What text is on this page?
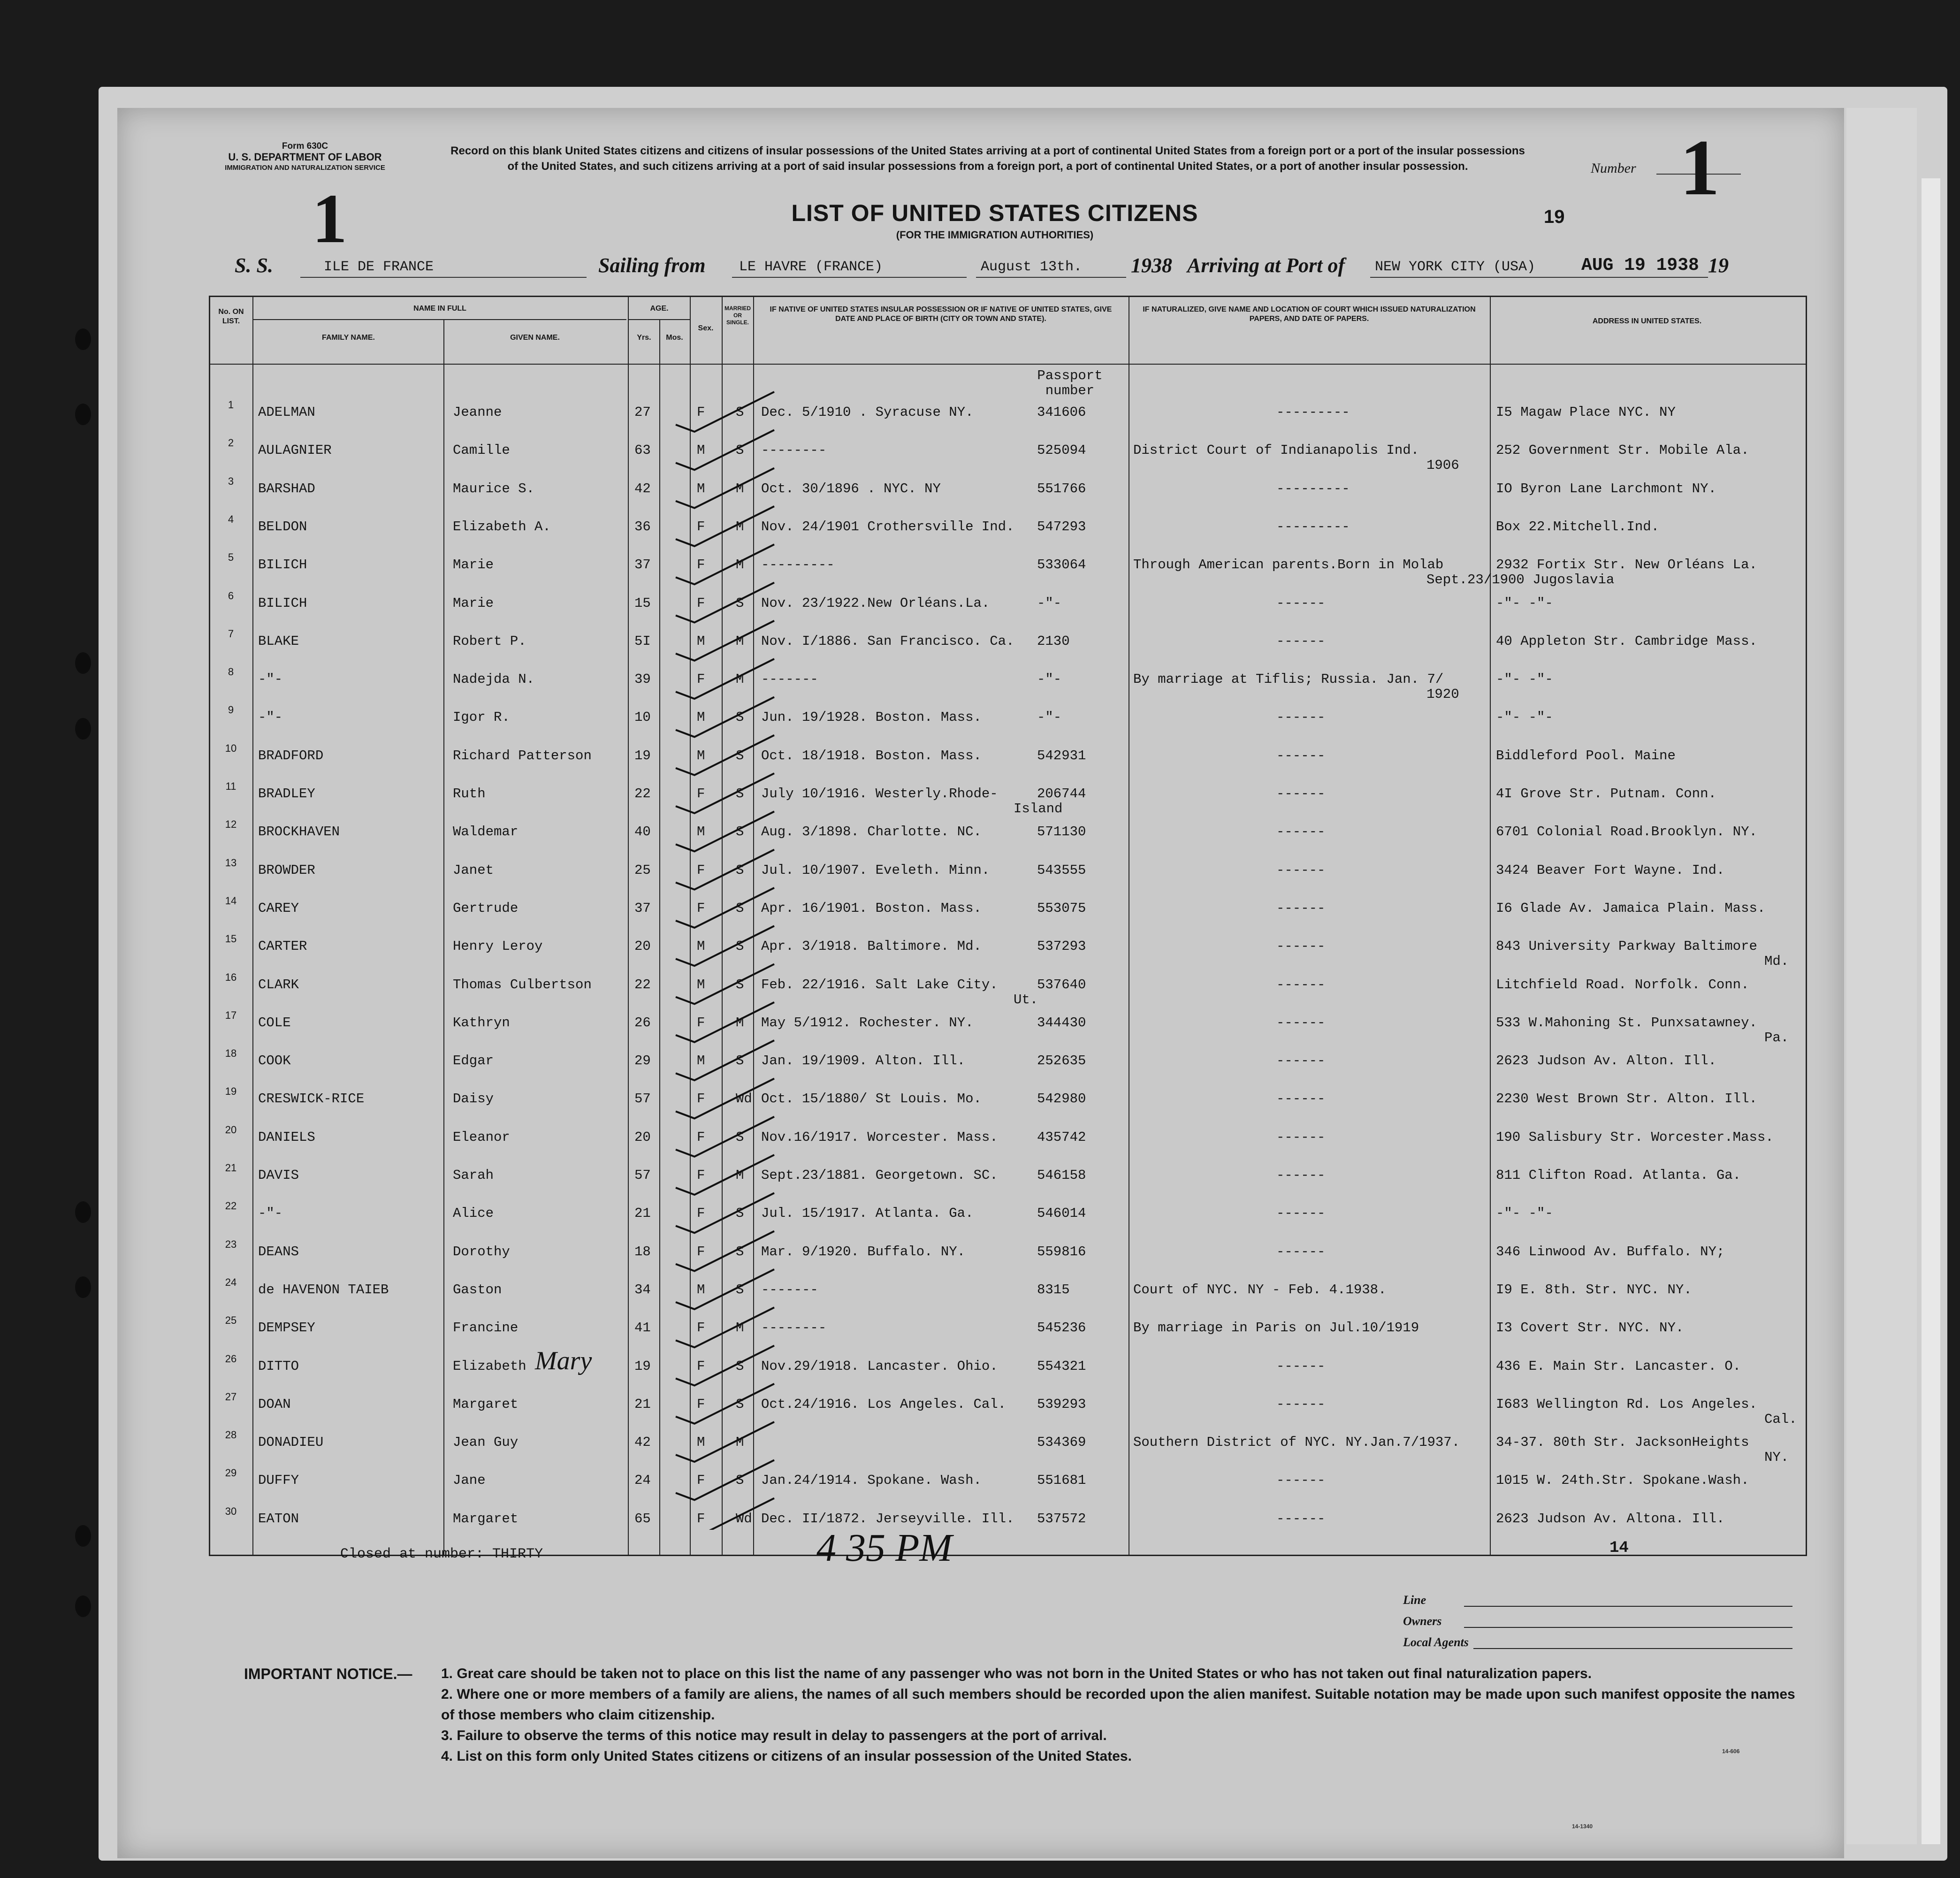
Form 630C
U. S. DEPARTMENT OF LABOR
IMMIGRATION AND NATURALIZATION SERVICE
Record on this blank United States citizens and citizens of insular possessions of the United States arriving at a port of continental United States from a foreign port or a port of the insular possessions of the United States, and such citizens arriving at a port of said insular possessions from a foreign port, a port of continental United States, or a port of another insular possession.	Number 1
1	LIST OF UNITED STATES CITIZENS
(FOR THE IMMIGRATION AUTHORITIES)
19
S. S.	ILE DE FRANCE	Sailing from LE HAVRE (FRANCE)	August 13th. 1938 Arriving at Port of NEW YORK CITY (USA)	AUG 19 1938 19
No. ON LIST.
NAME IN FULL
FAMILY NAME.	GIVEN NAME.
AGE.
Yrs.	Mos.
Sex.
MARRIED OR SINGLE.
IF NATIVE OF UNITED STATES INSULAR POSSESSION OR IF NATIVE OF UNITED STATES, GIVE DATE AND PLACE OF BIRTH (CITY OR TOWN AND STATE).
IF NATURALIZED, GIVE NAME AND LOCATION OF COURT WHICH ISSUED NATURALIZATION PAPERS, AND DATE OF PAPERS.	ADDRESS IN UNITED STATES.
Passport number
1	ADELMAN	Jeanne	27	F S Dec. 5/1910 . Syracuse NY.	341606	---------	I5 Magaw Place NYC. NY
2	AULAGNIER	Camille	63	M S --------	525094	District Court of Indianapolis Ind.	252 Government Str. Mobile Ala.
1906
3	BARSHAD	Maurice S.	42	M M Oct. 30/1896 . NYC. NY	551766	---------	IO Byron Lane Larchmont NY.
4	BELDON	Elizabeth A.	36	F M Nov. 24/1901 Crothersville Ind. 547293	---------	Box 22.Mitchell.Ind.
5	BILICH	Marie	37	F M ---------	533064	Through American parents.Born in Molab	2932 Fortix Str. New Orléans La.
Sept.23/1900 Jugoslavia
6	BILICH	Marie	15	F S Nov. 23/1922.New Orléans.La.	-"-	------	-"- -"-
7	BLAKE	Robert P.	5I	M M Nov. I/1886. San Francisco. Ca. 2130	------	40 Appleton Str. Cambridge Mass.
8	-"-	Nadejda N.	39	F M -------	-"-	By marriage at Tiflis; Russia. Jan. 7/	-"- -"-
1920
9	-"-	Igor R.	10	M S Jun. 19/1928. Boston. Mass.	-"-	------	-"- -"-
10	BRADFORD	Richard Patterson	19	M S Oct. 18/1918. Boston. Mass.	542931	------	Biddleford Pool. Maine
11	BRADLEY	Ruth	22	F S July 10/1916. Westerly.Rhode-	206744	------	4I Grove Str. Putnam. Conn.
Island
12	BROCKHAVEN	Waldemar	40	M S Aug. 3/1898. Charlotte. NC.	571130	------	6701 Colonial Road.Brooklyn. NY.
13	BROWDER	Janet	25	F S Jul. 10/1907. Eveleth. Minn.	543555	------	3424 Beaver Fort Wayne. Ind.
14	CAREY	Gertrude	37	F S Apr. 16/1901. Boston. Mass.	553075	------	I6 Glade Av. Jamaica Plain. Mass.
15	CARTER	Henry Leroy	20	M S Apr. 3/1918. Baltimore. Md.	537293	------	843 University Parkway Baltimore
Md.
16	CLARK	Thomas Culbertson	22	M S Feb. 22/1916. Salt Lake City.	537640	------	Litchfield Road. Norfolk. Conn.
Ut.
17	COLE	Kathryn	26	F M May 5/1912. Rochester. NY.	344430	------	533 W.Mahoning St. Punxsatawney.
Pa.
18	COOK	Edgar	29	M S Jan. 19/1909. Alton. Ill.	252635	------	2623 Judson Av. Alton. Ill.
19	CRESWICK-RICE	Daisy	57	F Wd Oct. 15/1880/ St Louis. Mo.	542980	------	2230 West Brown Str. Alton. Ill.
20	DANIELS	Eleanor	20	F S Nov.16/1917. Worcester. Mass.	435742	------	190 Salisbury Str. Worcester.Mass.
21	DAVIS	Sarah	57	F M Sept.23/1881. Georgetown. SC.	546158	------	811 Clifton Road. Atlanta. Ga.
22	-"-	Alice	21	F S Jul. 15/1917. Atlanta. Ga.	546014	------	-"- -"-
23	DEANS	Dorothy	18	F S Mar. 9/1920. Buffalo. NY.	559816	------	346 Linwood Av. Buffalo. NY;
24	de HAVENON TAIEB	Gaston	34	M S -------	8315	Court of NYC. NY - Feb. 4.1938.	I9 E. 8th. Str. NYC. NY.
25	DEMPSEY	Francine	41	F M --------	545236	By marriage in Paris on Jul.10/1919	I3 Covert Str. NYC. NY.
26	DITTO	Elizabeth	19	F S Nov.29/1918. Lancaster. Ohio.	554321	------	436 E. Main Str. Lancaster. O.
Mary
27	DOAN	Margaret	21	F S Oct.24/1916. Los Angeles. Cal. 539293	------	I683 Wellington Rd. Los Angeles.
Cal.
28	DONADIEU	Jean Guy	42	M M	534369	Southern District of NYC. NY.Jan.7/1937.	34-37. 80th Str. JacksonHeights
NY.
29	DUFFY	Jane	24	F S Jan.24/1914. Spokane. Wash.	551681	------	1015 W. 24th.Str. Spokane.Wash.
30	EATON	Margaret	65	F Wd Dec. II/1872. Jerseyville. Ill. 537572	------	2623 Judson Av. Altona. Ill.
Closed at number: THIRTY	4 35 PM	14
Line
Owners
Local Agents
IMPORTANT NOTICE.— 1. Great care should be taken not to place on this list the name of any passenger who was not born in the United States or who has not taken out final naturalization papers.
2. Where one or more members of a family are aliens, the names of all such members should be recorded upon the alien manifest. Suitable notation may be made upon such manifest opposite the names of those members who claim citizenship.
3. Failure to observe the terms of this notice may result in delay to passengers at the port of arrival.
4. List on this form only United States citizens or citizens of an insular possession of the United States.	14-606
14-1340
